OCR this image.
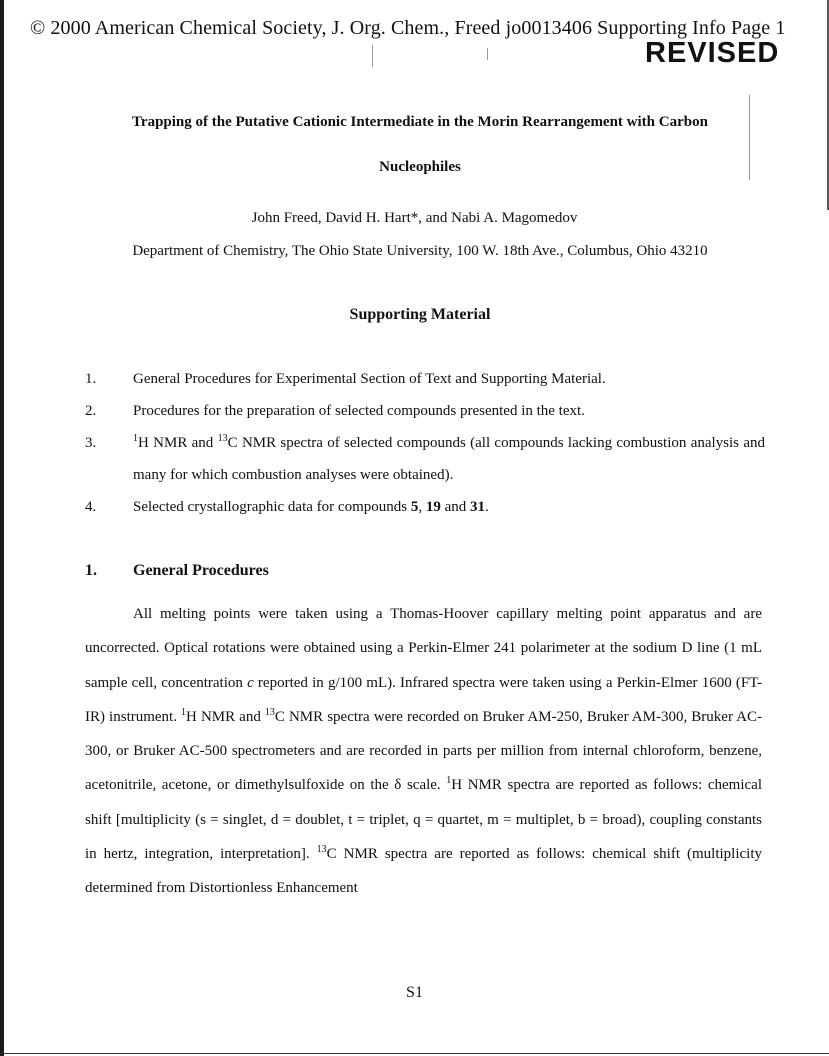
© 2000 American Chemical Society, J. Org. Chem., Freed jo0013406 Supporting Info Page 1
REVISED
Trapping of the Putative Cationic Intermediate in the Morin Rearrangement with Carbon
Nucleophiles
John Freed, David H. Hart*, and Nabi A. Magomedov
Department of Chemistry, The Ohio State University, 100 W. 18th Ave., Columbus, Ohio 43210
Supporting Material
1. General Procedures for Experimental Section of Text and Supporting Material.
2. Procedures for the preparation of selected compounds presented in the text.
3.	$^1$H NMR and $^{13}$C NMR spectra of selected compounds (all compounds lacking combustion analysis and many for which combustion analyses were obtained).
4. Selected crystallographic data for compounds 5, 19 and 31.
1. General Procedures
All melting points were taken using a Thomas-Hoover capillary melting point apparatus and are uncorrected. Optical rotations were obtained using a Perkin-Elmer 241 polarimeter at the sodium D line (1 mL sample cell, concentration c reported in g/100 mL). Infrared spectra were taken using a Perkin-Elmer 1600 (FT-IR) instrument. $^1$H NMR and $^{13}$C NMR spectra were recorded on Bruker AM-250, Bruker AM-300, Bruker AC-300, or Bruker AC-500 spectrometers and are recorded in parts per million from internal chloroform, benzene, acetonitrile, acetone, or dimethylsulfoxide on the δ scale. $^1$H NMR spectra are reported as follows: chemical shift [multiplicity (s = singlet, d = doublet, t = triplet, q = quartet, m = multiplet, b = broad), coupling constants in hertz, integration, interpretation]. $^{13}$C NMR spectra are reported as follows: chemical shift (multiplicity determined from Distortionless Enhancement
S1
